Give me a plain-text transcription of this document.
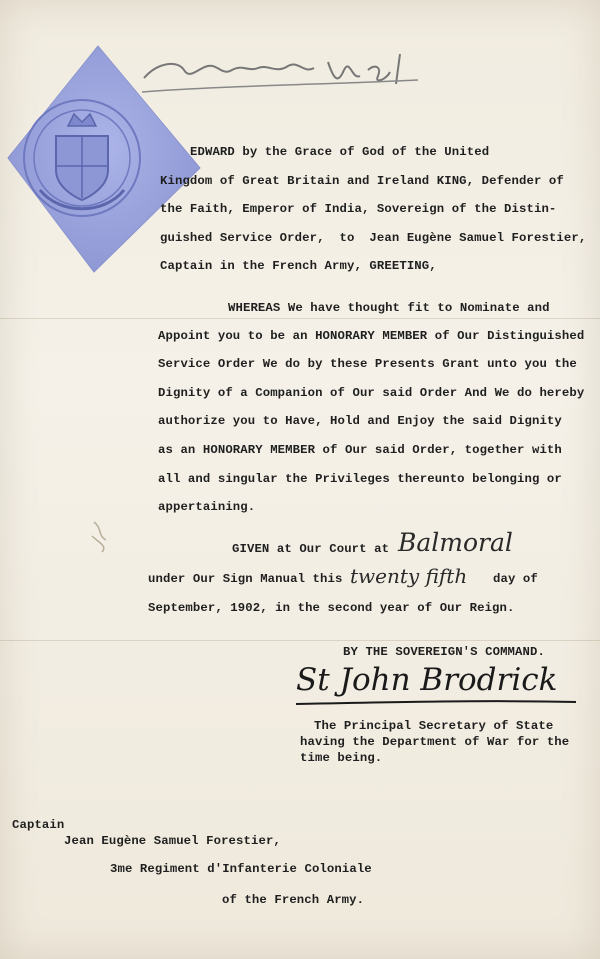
EDWARD by the Grace of God of the United
Kingdom of Great Britain and Ireland KING, Defender of
the Faith, Emperor of India, Sovereign of the Distin-
guished Service Order,  to  Jean Eugène Samuel Forestier,
Captain in the French Army, GREETING,
WHEREAS We have thought fit to Nominate and
Appoint you to be an HONORARY MEMBER of Our Distinguished
Service Order We do by these Presents Grant unto you the
Dignity of a Companion of Our said Order And We do hereby
authorize you to Have, Hold and Enjoy the said Dignity
as an HONORARY MEMBER of Our said Order, together with
all and singular the Privileges thereunto belonging or
appertaining.
GIVEN at Our Court at Balmoral
under Our Sign Manual this twenty fifth day of
September, 1902, in the second year of Our Reign.
BY THE SOVEREIGN'S COMMAND.
St John Brodrick
The Principal Secretary of State
having the Department of War for the
time being.
Captain
Jean Eugène Samuel Forestier,
3me Regiment d'Infanterie Coloniale
of the French Army.
